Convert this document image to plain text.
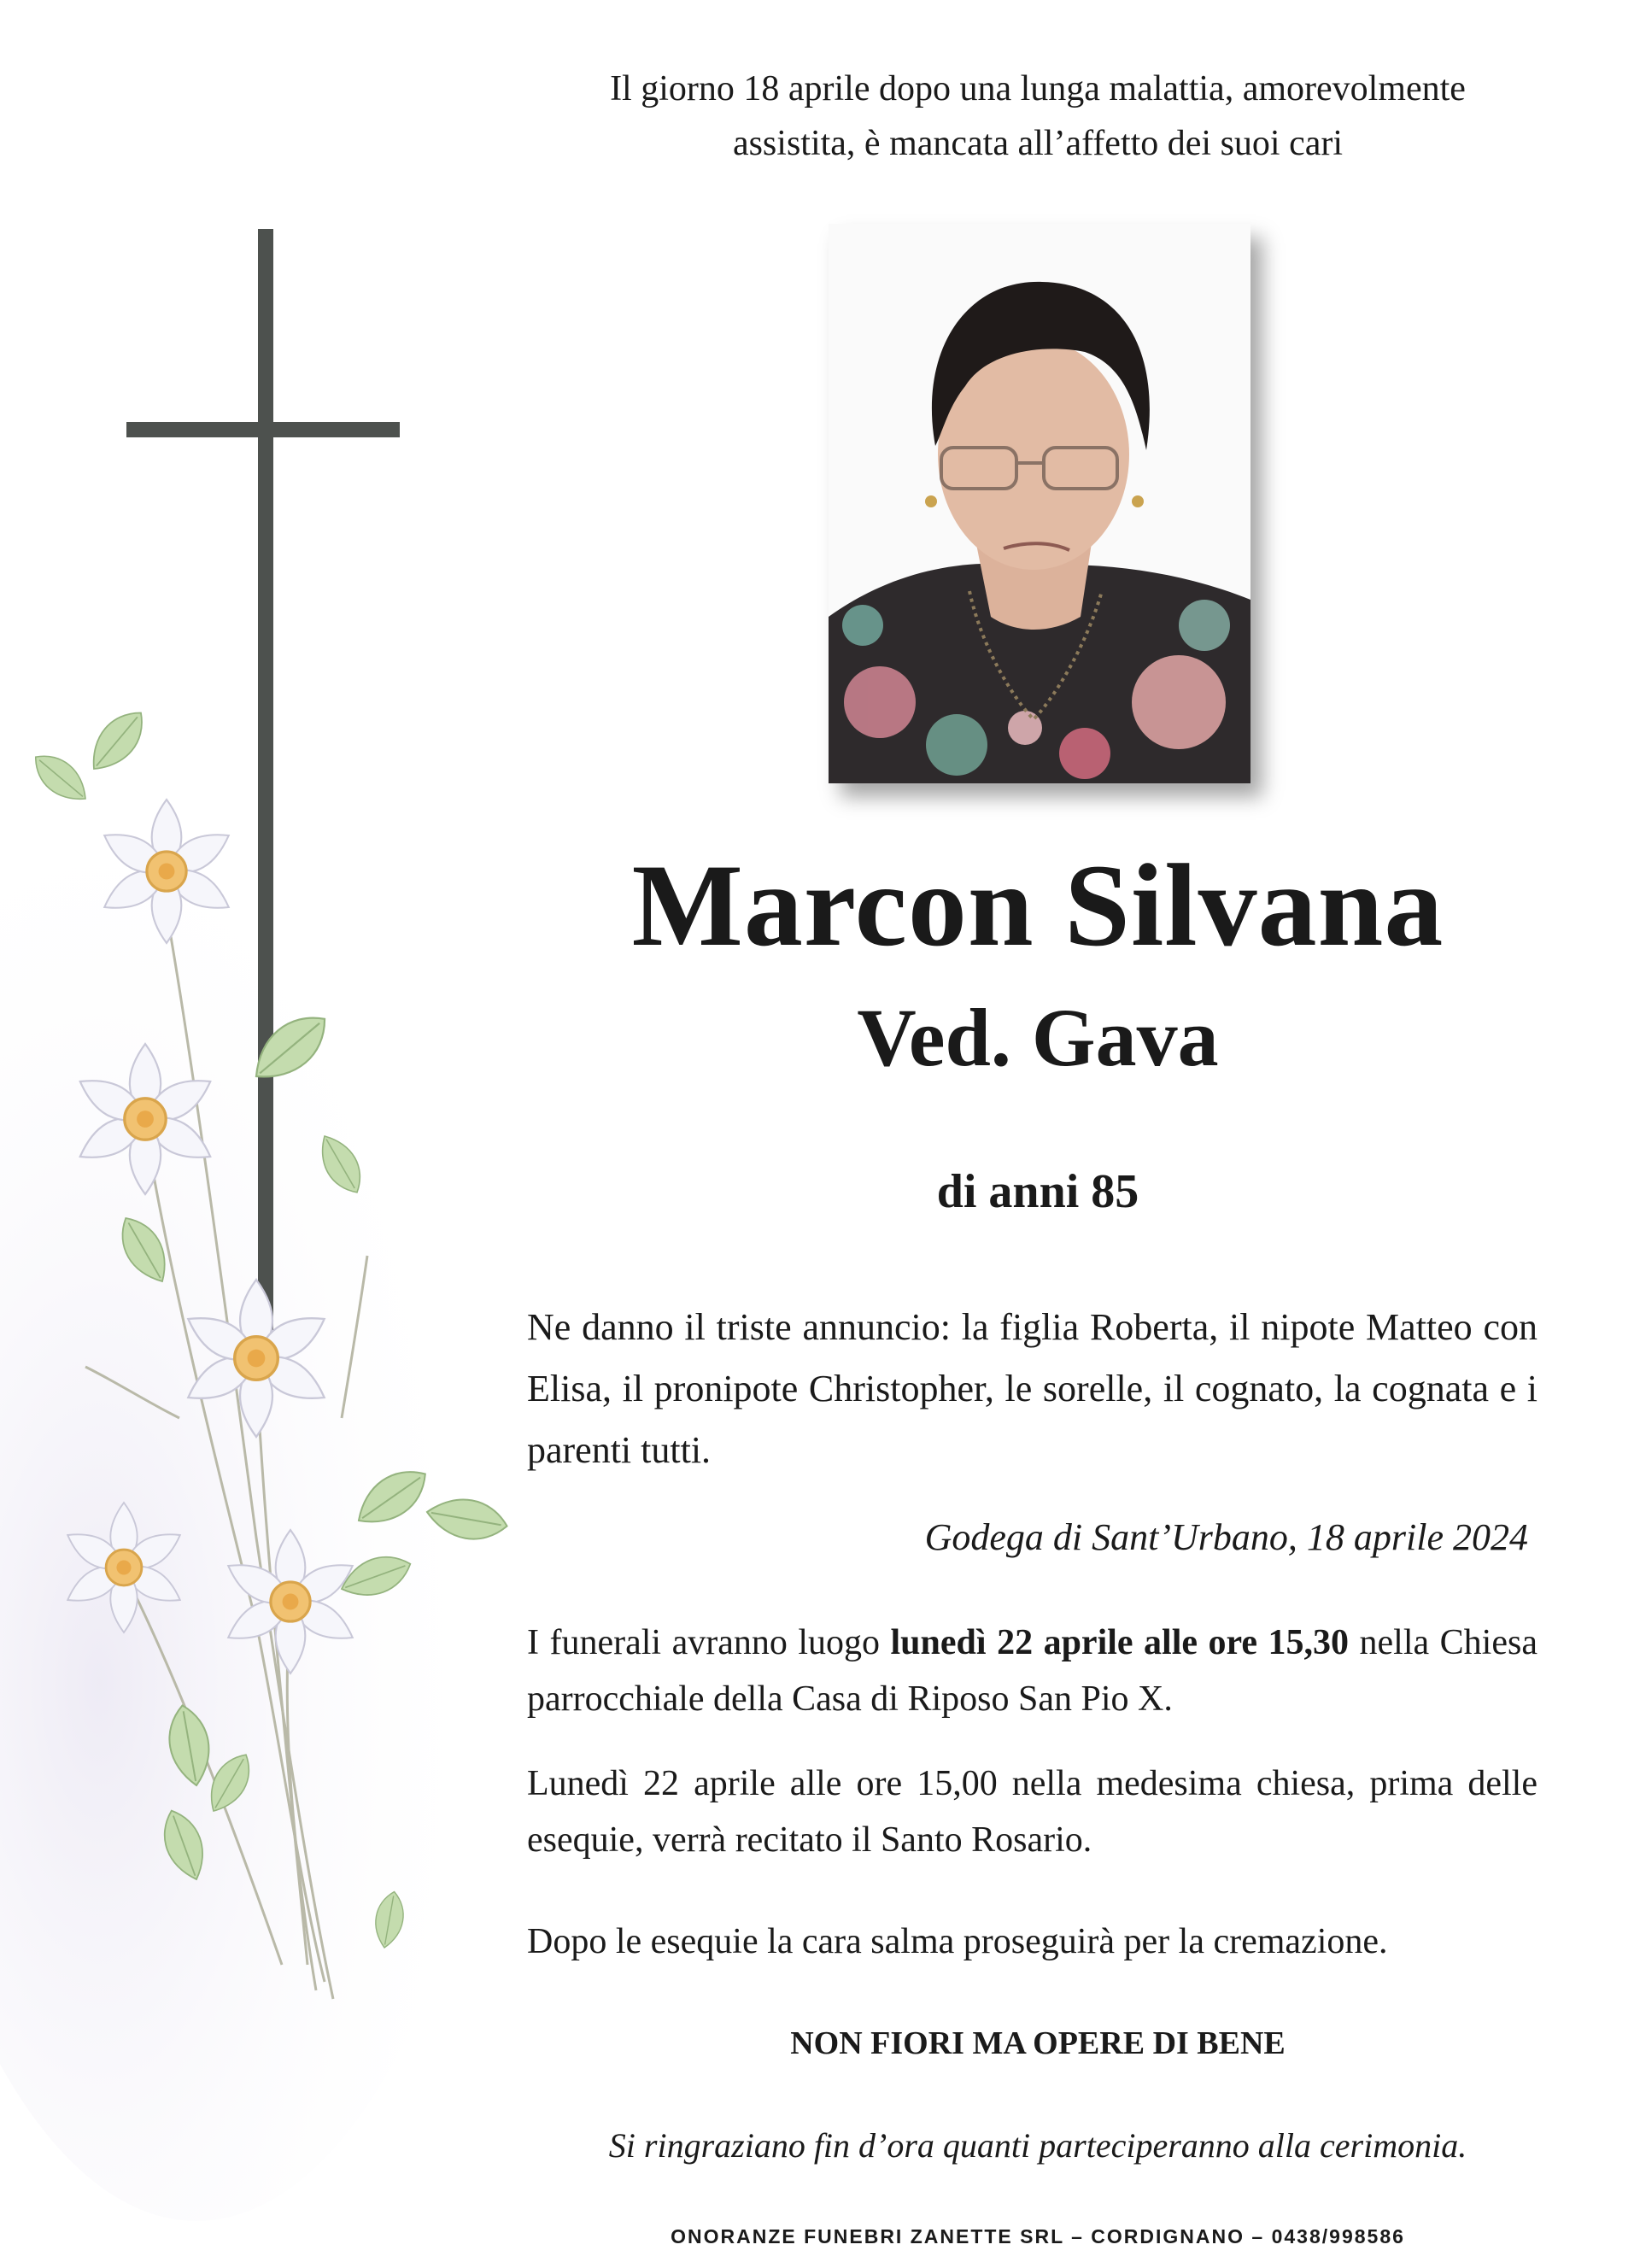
Il giorno 18 aprile dopo una lunga malattia, amorevolmente
assistita, è mancata all’affetto dei suoi cari
Marcon Silvana
Ved. Gava
di anni 85
Ne danno il triste annuncio: la figlia Roberta, il nipote Matteo con Elisa, il pronipote Christopher, le sorelle, il cognato, la cognata e i parenti tutti.
Godega di Sant’Urbano, 18 aprile 2024
I funerali avranno luogo lunedì 22 aprile alle ore 15,30 nella Chiesa parrocchiale della Casa di Riposo San Pio X.
Lunedì 22 aprile alle ore 15,00 nella medesima chiesa, prima delle esequie, verrà recitato il Santo Rosario.
Dopo le esequie la cara salma proseguirà per la cremazione.
NON FIORI MA OPERE DI BENE
Si ringraziano fin d’ora quanti parteciperanno alla cerimonia.
ONORANZE FUNEBRI ZANETTE SRL – CORDIGNANO – 0438/998586
